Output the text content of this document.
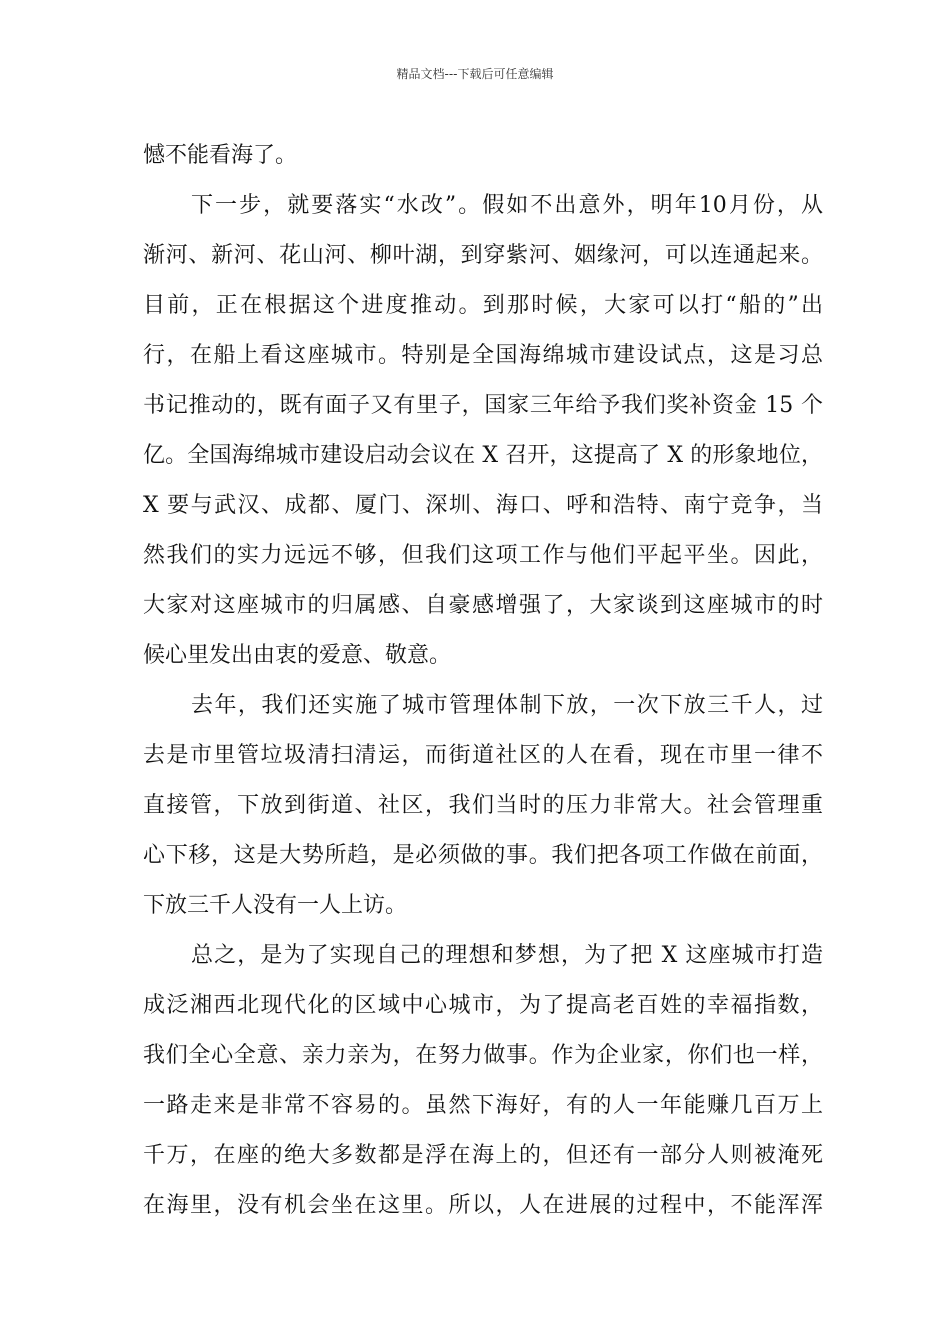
精品文档---下载后可任意编辑
憾不能看海了。
下一步，就要落实“水改”。假如不出意外，明年10月份，从
渐河、新河、花山河、柳叶湖，到穿紫河、姻缘河，可以连通起来。
目前，正在根据这个进度推动。到那时候，大家可以打“船的”出
行，在船上看这座城市。特别是全国海绵城市建设试点，这是习总
书记推动的，既有面子又有里子，国家三年给予我们奖补资金 15 个
亿。全国海绵城市建设启动会议在 X 召开，这提高了 X 的形象地位，
X 要与武汉、成都、厦门、深圳、海口、呼和浩特、南宁竞争，当
然我们的实力远远不够，但我们这项工作与他们平起平坐。因此，
大家对这座城市的归属感、自豪感增强了，大家谈到这座城市的时
候心里发出由衷的爱意、敬意。
去年，我们还实施了城市管理体制下放，一次下放三千人，过
去是市里管垃圾清扫清运，而街道社区的人在看，现在市里一律不
直接管，下放到街道、社区，我们当时的压力非常大。社会管理重
心下移，这是大势所趋，是必须做的事。我们把各项工作做在前面，
下放三千人没有一人上访。
总之，是为了实现自己的理想和梦想，为了把 X 这座城市打造
成泛湘西北现代化的区域中心城市，为了提高老百姓的幸福指数，
我们全心全意、亲力亲为，在努力做事。作为企业家，你们也一样，
一路走来是非常不容易的。虽然下海好，有的人一年能赚几百万上
千万，在座的绝大多数都是浮在海上的，但还有一部分人则被淹死
在海里，没有机会坐在这里。所以，人在进展的过程中，不能浑浑
